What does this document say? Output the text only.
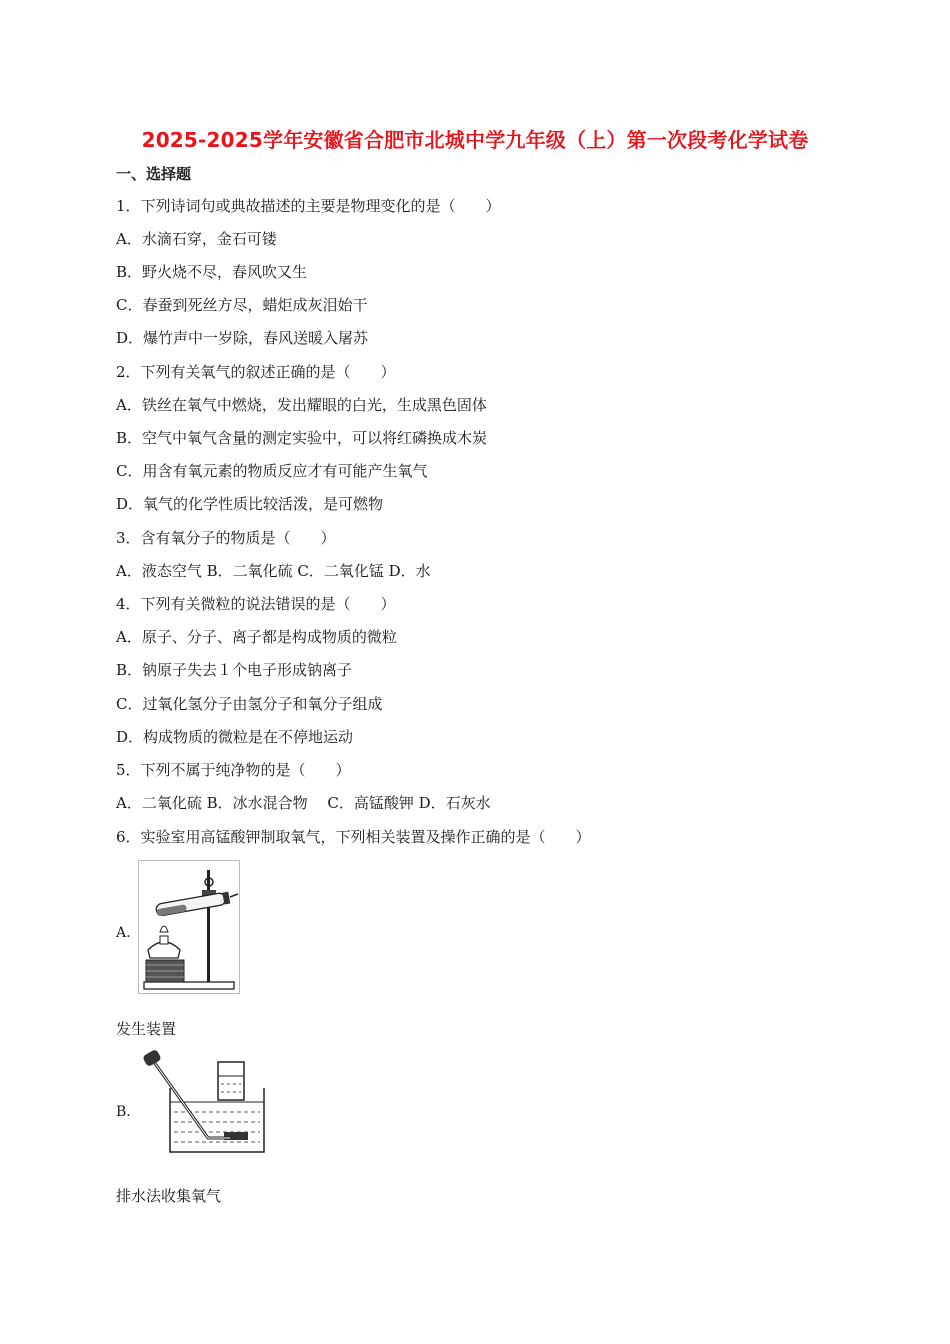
2025-2025学年安徽省合肥市北城中学九年级（上）第一次段考化学试卷
一、选择题
1．下列诗词句或典故描述的主要是物理变化的是（　　）
A．水滴石穿，金石可镂
B．野火烧不尽，春风吹又生
C．春蚕到死丝方尽，蜡炬成灰泪始干
D．爆竹声中一岁除，春风送暖入屠苏
2．下列有关氧气的叙述正确的是（　　）
A．铁丝在氧气中燃烧，发出耀眼的白光，生成黑色固体
B．空气中氧气含量的测定实验中，可以将红磷换成木炭
C．用含有氧元素的物质反应才有可能产生氧气
D．氧气的化学性质比较活泼，是可燃物
3．含有氧分子的物质是（　　）
A．液态空气 B．二氧化硫 C．二氧化锰 D．水
4．下列有关微粒的说法错误的是（　　）
A．原子、分子、离子都是构成物质的微粒
B．钠原子失去１个电子形成钠离子
C．过氧化氢分子由氢分子和氧分子组成
D．构成物质的微粒是在不停地运动
5．下列不属于纯净物的是（　　）
A．二氧化硫 B．冰水混合物　 C．高锰酸钾 D．石灰水
6．实验室用高锰酸钾制取氧气，下列相关装置及操作正确的是（　　）
A.
发生装置
B.
排水法收集氧气
